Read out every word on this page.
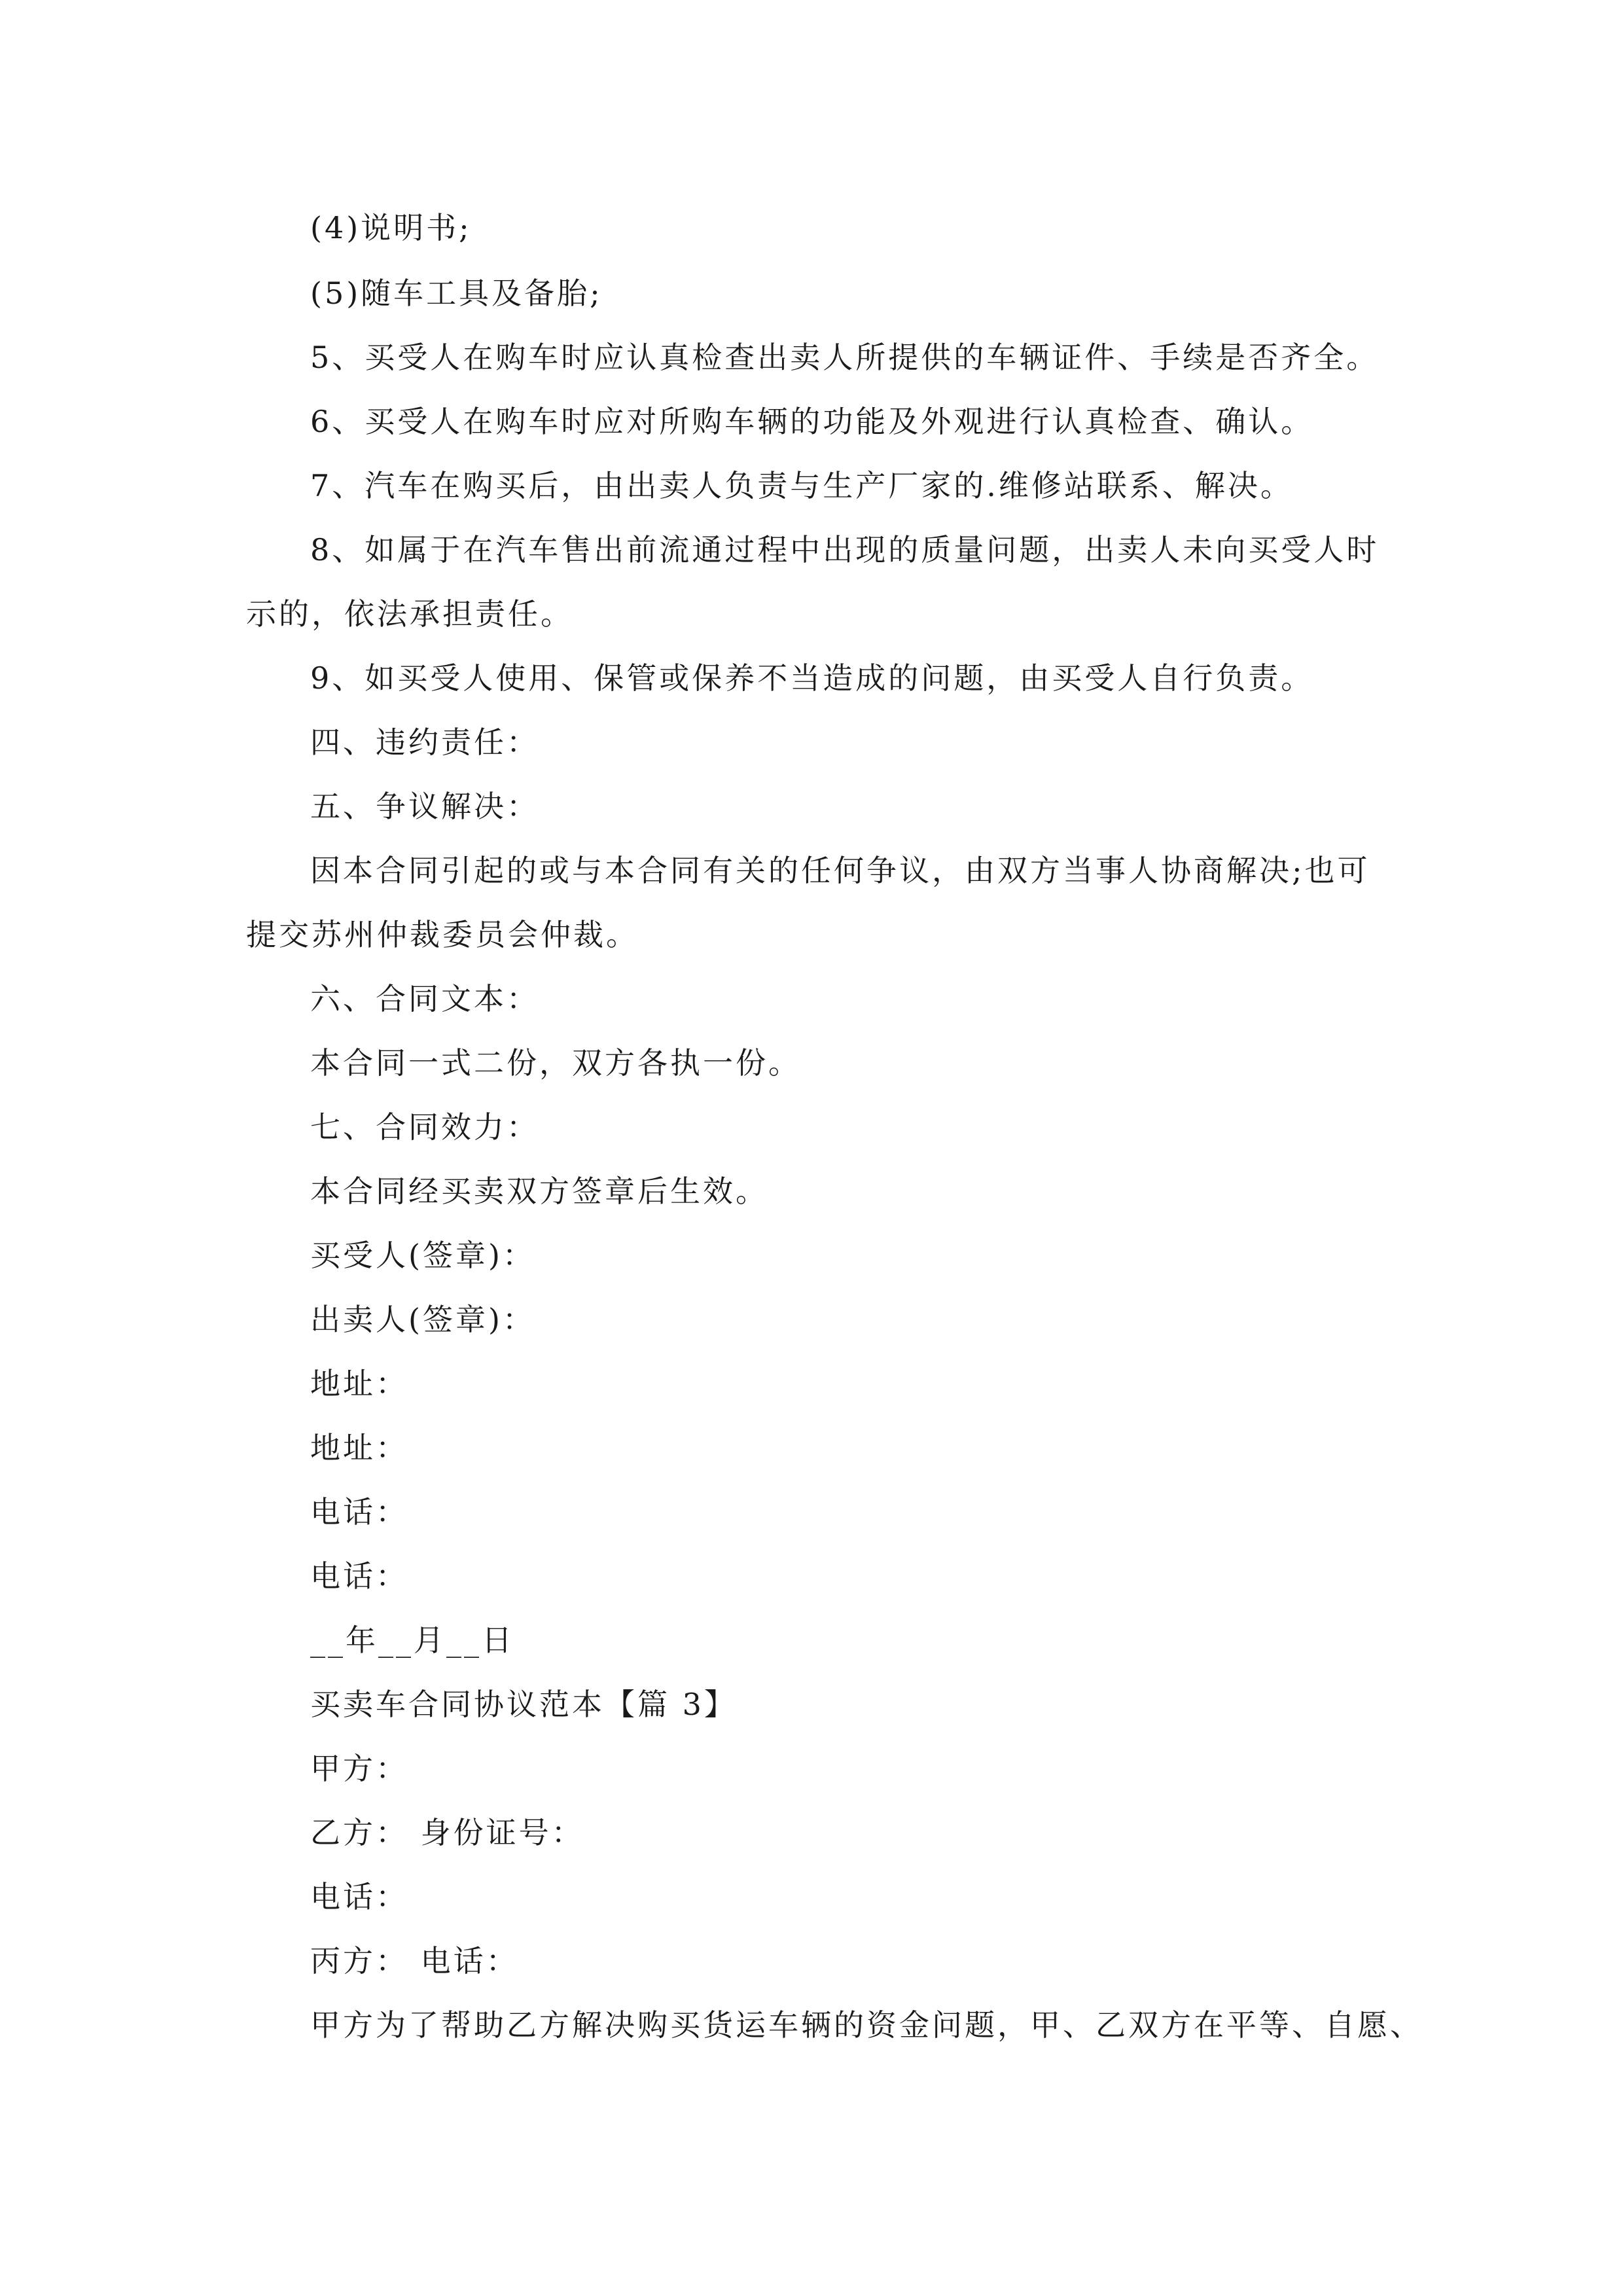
(4)说明书;

(5)随车工具及备胎;

5、买受人在购车时应认真检查出卖人所提供的车辆证件、手续是否齐全。

6、买受人在购车时应对所购车辆的功能及外观进行认真检查、确认。

7、汽车在购买后，由出卖人负责与生产厂家的.维修站联系、解决。

8、如属于在汽车售出前流通过程中出现的质量问题，出卖人未向买受人时

示的，依法承担责任。

9、如买受人使用、保管或保养不当造成的问题，由买受人自行负责。

四、违约责任：

五、争议解决：

因本合同引起的或与本合同有关的任何争议，由双方当事人协商解决;也可

提交苏州仲裁委员会仲裁。

六、合同文本：

本合同一式二份，双方各执一份。

七、合同效力：

本合同经买卖双方签章后生效。

买受人(签章)：

出卖人(签章)：

地址：

地址：

电话：

电话：

__年__月__日

买卖车合同协议范本【篇 3】

甲方：

乙方： 身份证号：

电话：

丙方： 电话：

甲方为了帮助乙方解决购买货运车辆的资金问题，甲、乙双方在平等、自愿、
